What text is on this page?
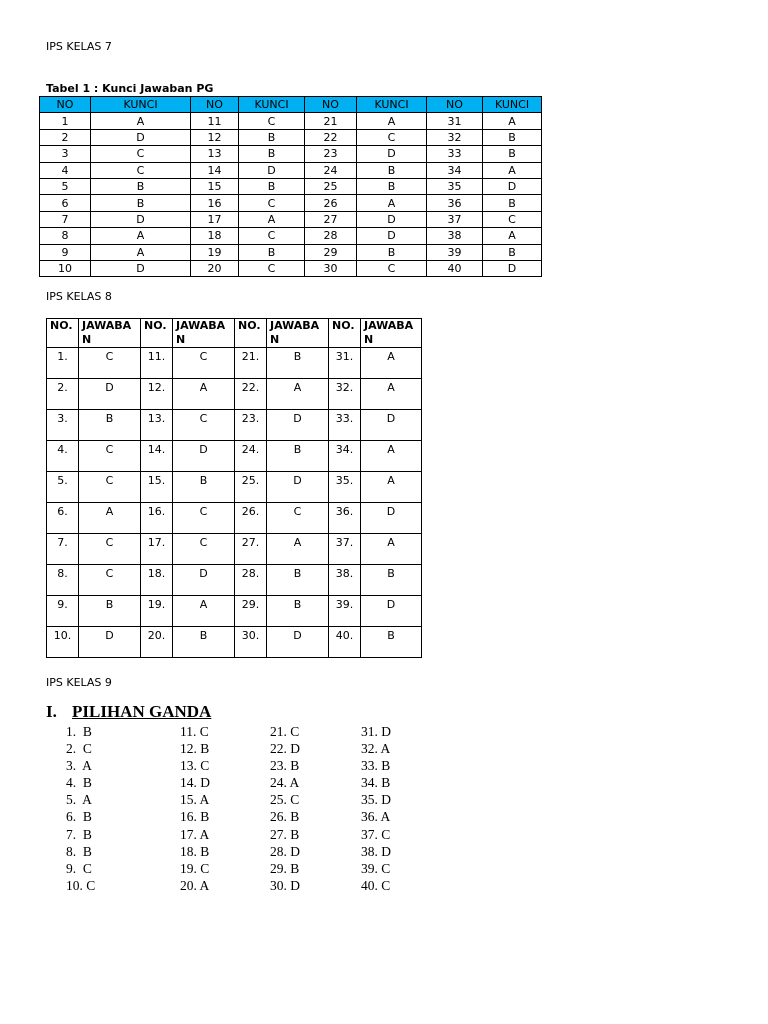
IPS KELAS 7
Tabel 1 : Kunci Jawaban PG
NO	KUNCI	NO	KUNCI	NO	KUNCI	NO	KUNCI
1	A	11	C	21	A	31	A
2	D	12	B	22	C	32	B
3	C	13	B	23	D	33	B
4	C	14	D	24	B	34	A
5	B	15	B	25	B	35	D
6	B	16	C	26	A	36	B
7	D	17	A	27	D	37	C
8	A	18	C	28	D	38	A
9	A	19	B	29	B	39	B
10	D	20	C	30	C	40	D
IPS KELAS 8
NO.	JAWABAN	NO.	JAWABAN	NO.	JAWABAN	NO.	JAWABAN
1.	C	11.	C	21.	B	31.	A
2.	D	12.	A	22.	A	32.	A
3.	B	13.	C	23.	D	33.	D
4.	C	14.	D	24.	B	34.	A
5.	C	15.	B	25.	D	35.	A
6.	A	16.	C	26.	C	36.	D
7.	C	17.	C	27.	A	37.	A
8.	C	18.	D	28.	B	38.	B
9.	B	19.	A	29.	B	39.	D
10.	D	20.	B	30.	D	40.	B
IPS KELAS 9
I. PILIHAN GANDA
1.  B
2.  C
3.  A
4.  B
5.  A
6.  B
7.  B
8.  B
9.  C
10. C
11. C
12. B
13. C
14. D
15. A
16. B
17. A
18. B
19. C
20. A
21. C
22. D
23. B
24. A
25. C
26. B
27. B
28. D
29. B
30. D
31. D
32. A
33. B
34. B
35. D
36. A
37. C
38. D
39. C
40. C
